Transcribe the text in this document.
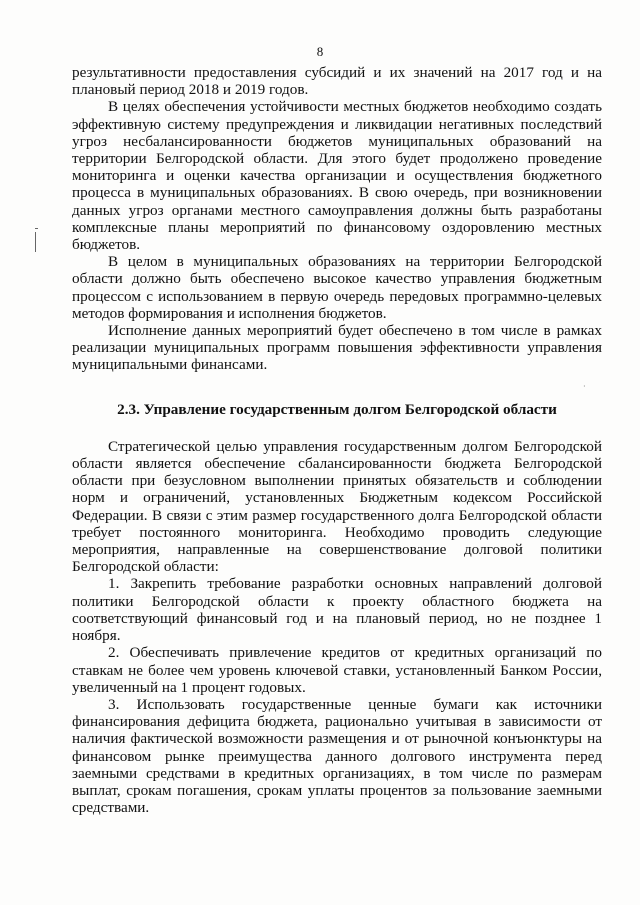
8
·

результативности предоставления субсидий и их значений на 2017 год и на плановый период 2018 и 2019 годов.

В целях обеспечения устойчивости местных бюджетов необходимо создать эффективную систему предупреждения и ликвидации негативных последствий угроз несбалансированности бюджетов муниципальных образований на территории Белгородской области. Для этого будет продолжено проведение мониторинга и оценки качества организации и осуществления бюджетного процесса в муниципальных образованиях. В свою очередь, при возникновении данных угроз органами местного самоуправления должны быть разработаны комплексные планы мероприятий по финансовому оздоровлению местных бюджетов.

В целом в муниципальных образованиях на территории Белгородской области должно быть обеспечено высокое качество управления бюджетным процессом с использованием в первую очередь передовых программно-целевых методов формирования и исполнения бюджетов.

Исполнение данных мероприятий будет обеспечено в том числе в рамках реализации муниципальных программ повышения эффективности управления муниципальными финансами.

2.3. Управление государственным долгом Белгородской области

Стратегической целью управления государственным долгом Белгородской области является обеспечение сбалансированности бюджета Белгородской области при безусловном выполнении принятых обязательств и соблюдении норм и ограничений, установленных Бюджетным кодексом Российской Федерации. В связи с этим размер государственного долга Белгородской области требует постоянного мониторинга. Необходимо проводить следующие мероприятия, направленные на совершенствование долговой политики Белгородской области:

1. Закрепить требование разработки основных направлений долговой политики Белгородской области к проекту областного бюджета на соответствующий финансовый год и на плановый период, но не позднее 1 ноября.

2. Обеспечивать привлечение кредитов от кредитных организаций по ставкам не более чем уровень ключевой ставки, установленный Банком России, увеличенный на 1 процент годовых.

3. Использовать государственные ценные бумаги как источники финансирования дефицита бюджета, рационально учитывая в зависимости от наличия фактической возможности размещения и от рыночной конъюнктуры на финансовом рынке преимущества данного долгового инструмента перед заемными средствами в кредитных организациях, в том числе по размерам выплат, срокам погашения, срокам уплаты процентов за пользование заемными средствами.
